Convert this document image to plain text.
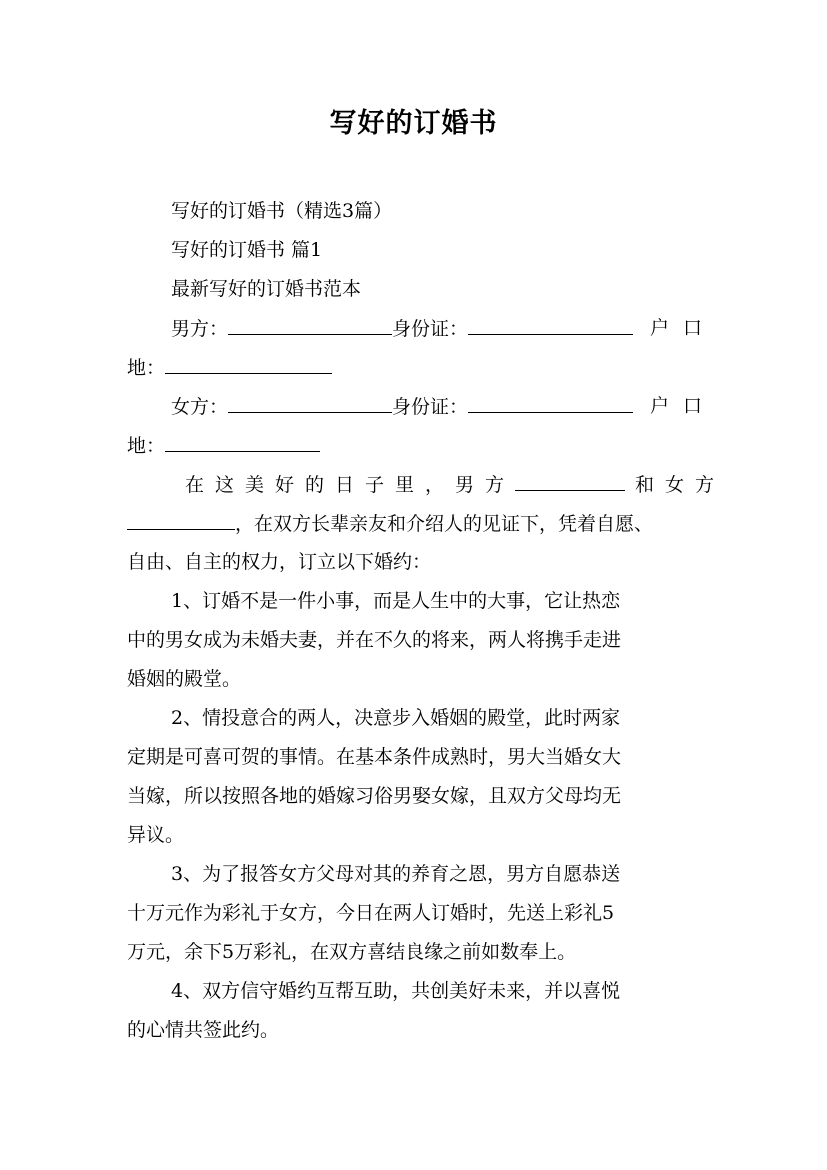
写好的订婚书
写好的订婚书（精选3篇）
写好的订婚书 篇1
最新写好的订婚书范本
男方：	身份证：	户口
地：
女方：	身份证：	户口
地：
在这美好的日子里，男方	和女方
，在双方长辈亲友和介绍人的见证下，凭着自愿、
自由、自主的权力，订立以下婚约：
1、订婚不是一件小事，而是人生中的大事，它让热恋
中的男女成为未婚夫妻，并在不久的将来，两人将携手走进
婚姻的殿堂。
2、情投意合的两人，决意步入婚姻的殿堂，此时两家
定期是可喜可贺的事情。在基本条件成熟时，男大当婚女大
当嫁，所以按照各地的婚嫁习俗男娶女嫁，且双方父母均无
异议。
3、为了报答女方父母对其的养育之恩，男方自愿恭送
十万元作为彩礼于女方，今日在两人订婚时，先送上彩礼5
万元，余下5万彩礼，在双方喜结良缘之前如数奉上。
4、双方信守婚约互帮互助，共创美好未来，并以喜悦
的心情共签此约。
